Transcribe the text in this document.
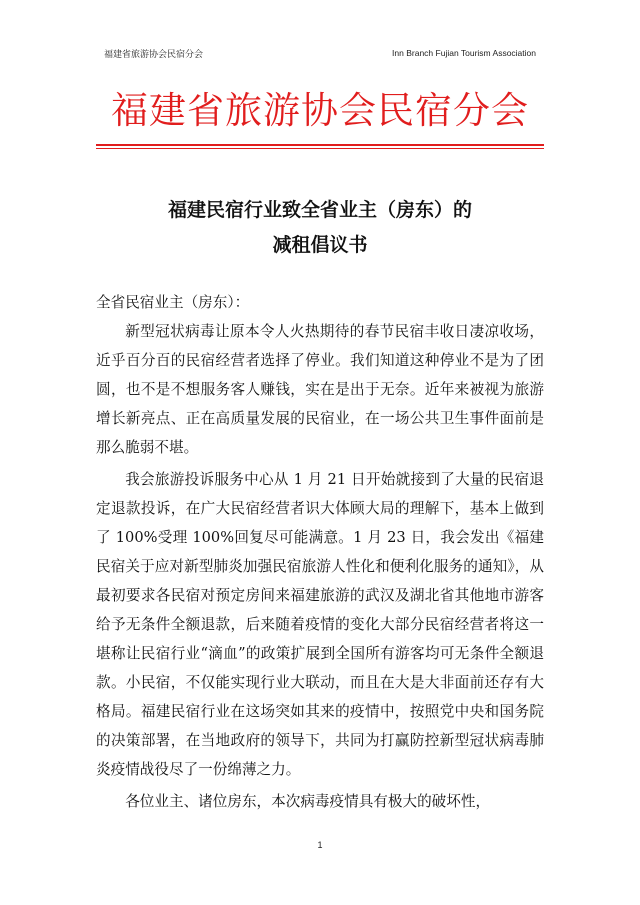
福建省旅游协会民宿分会	Inn Branch Fujian Tourism Association
福建省旅游协会民宿分会
福建民宿行业致全省业主（房东）的
减租倡议书

全省民宿业主（房东）：

新型冠状病毒让原本令人火热期待的春节民宿丰收日凄凉收场，近乎百分百的民宿经营者选择了停业。我们知道这种停业不是为了团圆，也不是不想服务客人赚钱，实在是出于无奈。近年来被视为旅游增长新亮点、正在高质量发展的民宿业，在一场公共卫生事件面前是那么脆弱不堪。

我会旅游投诉服务中心从 1 月 21 日开始就接到了大量的民宿退定退款投诉，在广大民宿经营者识大体顾大局的理解下，基本上做到了 100%受理 100%回复尽可能满意。1 月 23 日，我会发出《福建民宿关于应对新型肺炎加强民宿旅游人性化和便利化服务的通知》，从最初要求各民宿对预定房间来福建旅游的武汉及湖北省其他地市游客给予无条件全额退款，后来随着疫情的变化大部分民宿经营者将这一堪称让民宿行业“滴血”的政策扩展到全国所有游客均可无条件全额退款。小民宿，不仅能实现行业大联动，而且在大是大非面前还存有大格局。福建民宿行业在这场突如其来的疫情中，按照党中央和国务院的决策部署，在当地政府的领导下，共同为打赢防控新型冠状病毒肺炎疫情战役尽了一份绵薄之力。

各位业主、诸位房东，本次病毒疫情具有极大的破坏性，

1
